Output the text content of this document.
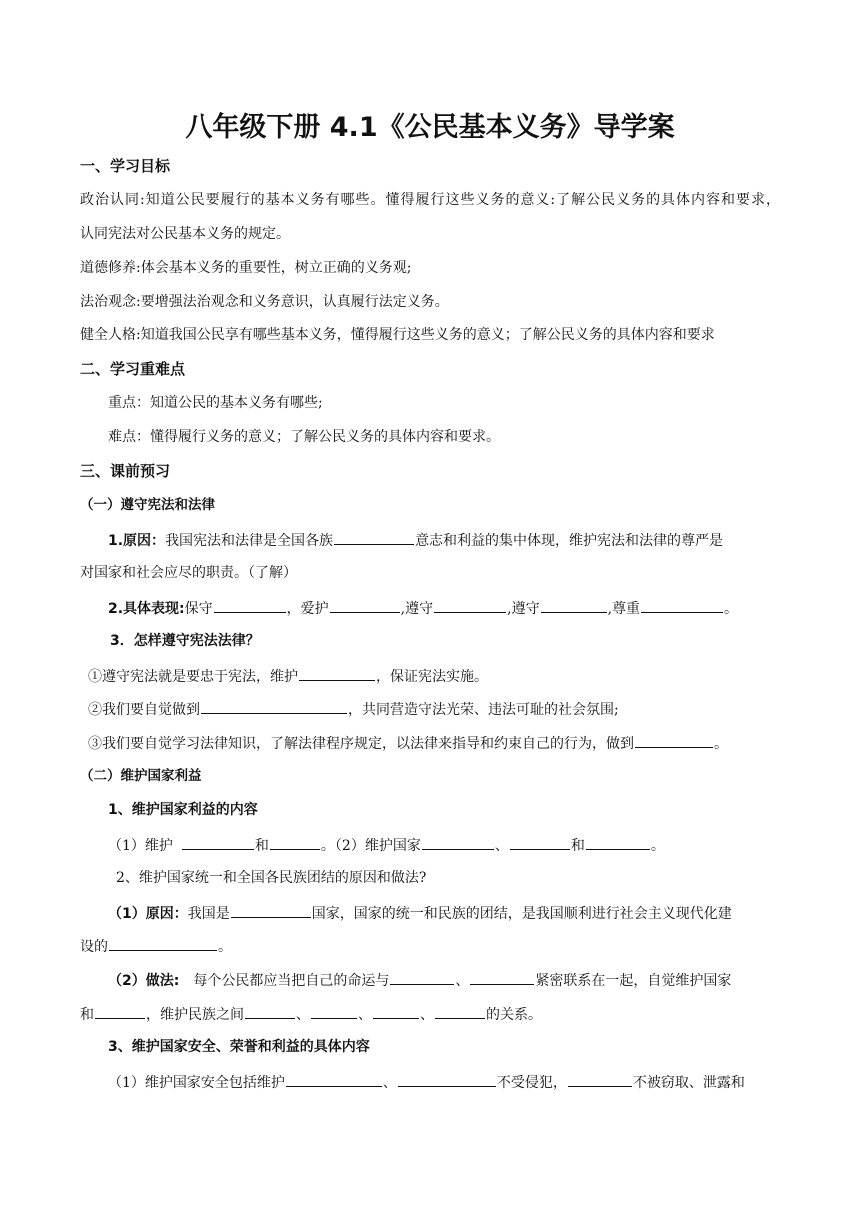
八年级下册 4.1《公民基本义务》导学案

一、学习目标

政治认同:知道公民要履行的基本义务有哪些。懂得履行这些义务的意义:了解公民义务的具体内容和要求，

认同宪法对公民基本义务的规定。

道德修养:体会基本义务的重要性，树立正确的义务观;

法治观念:要增强法治观念和义务意识，认真履行法定义务。

健全人格:知道我国公民享有哪些基本义务，懂得履行这些义务的意义；了解公民义务的具体内容和要求

二、学习重难点

重点：知道公民的基本义务有哪些;

难点：懂得履行义务的意义；了解公民义务的具体内容和要求。

三、课前预习

（一）遵守宪法和法律

1.原因：我国宪法和法律是全国各族	意志和利益的集中体现，维护宪法和法律的尊严是

对国家和社会应尽的职责。（了解）

2.具体表现:保守	，爱护	,遵守	,遵守	,尊重	。

3．怎样遵守宪法法律？

①遵守宪法就是要忠于宪法，维护	，保证宪法实施。

②我们要自觉做到	，共同营造守法光荣、违法可耻的社会氛围;

③我们要自觉学习法律知识，了解法律程序规定，以法律来指导和约束自己的行为，做到	。

（二）维护国家利益

1、维护国家利益的内容

（1）维护	和	。（2）维护国家	、	和	。

2、维护国家统一和全国各民族团结的原因和做法?

（1）原因：我国是	国家，国家的统一和民族的团结，是我国顺利进行社会主义现代化建

设的	。

（2）做法: 每个公民都应当把自己的命运与	、	紧密联系在一起，自觉维护国家

和	，维护民族之间	、	、	、	的关系。

3、维护国家安全、荣誉和利益的具体内容

（1）维护国家安全包括维护	、	不受侵犯，	不被窃取、泄露和
